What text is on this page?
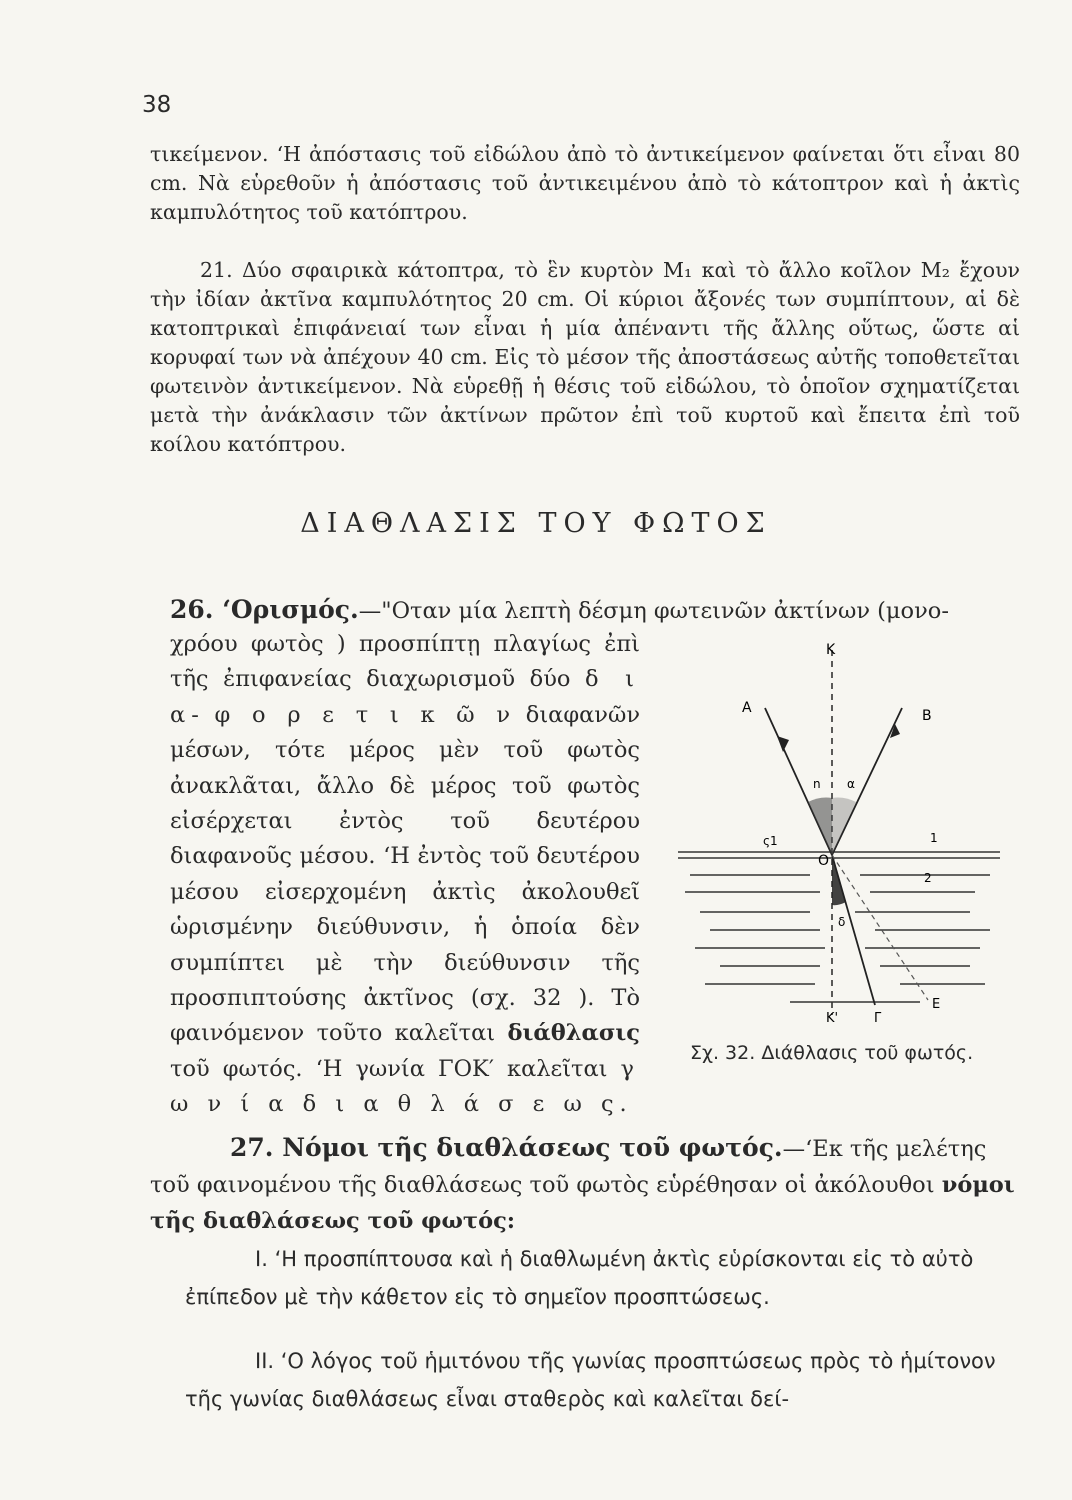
38

τικείμενον. ‘Η ἀπόστασις τοῦ εἰδώλου ἀπὸ τὸ ἀντικείμενον φαίνεται ὅτι εἶναι 80 cm. Νὰ εὑρεθοῦν ἡ ἀπόστασις τοῦ ἀντικειμένου ἀπὸ τὸ κάτοπτρον καὶ ἡ ἀκτὶς καμπυλότητος τοῦ κατόπτρου.

21. Δύο σφαιρικὰ κάτοπτρα, τὸ ἓν κυρτὸν M₁ καὶ τὸ ἄλλο κοῖλον M₂ ἔχουν τὴν ἰδίαν ἀκτῖνα καμπυλότητος 20 cm. Οἱ κύριοι ἄξονές των συμπίπτουν, αἱ δὲ κατοπτρικαὶ ἐπιφάνειαί των εἶναι ἡ μία ἀπέναντι τῆς ἄλλης οὕτως, ὥστε αἱ κορυφαί των νὰ ἀπέχουν 40 cm. Εἰς τὸ μέσον τῆς ἀποστάσεως αὐτῆς τοποθετεῖται φωτεινὸν ἀντικείμενον. Νὰ εὑρεθῇ ἡ θέσις τοῦ εἰδώλου, τὸ ὁποῖον σχηματίζεται μετὰ τὴν ἀνάκλασιν τῶν ἀκτίνων πρῶτον ἐπὶ τοῦ κυρτοῦ καὶ ἔπειτα ἐπὶ τοῦ κοίλου κατόπτρου.

ΔΙΑΘΛΑΣΙΣ ΤΟΥ ΦΩΤΟΣ
26. ‘Ορισμός.—"Οταν μία λεπτὴ δέσμη φωτεινῶν ἀκτίνων (μονο-

χρόου φωτὸς ) προσπίπτῃ πλαγίως ἐπὶ τῆς ἐπιφανείας διαχωρισμοῦ δύο δ ι α- φ ο ρ ε τ ι κ ῶ ν διαφανῶν μέσων, τότε μέρος μὲν τοῦ φωτὸς ἀνακλᾶται, ἄλλο δὲ μέρος τοῦ φωτὸς εἰσέρχεται ἐντὸς τοῦ δευτέρου διαφανοῦς μέσου. ‘Η ἐντὸς τοῦ δευτέρου μέσου εἰσερχομένη ἀκτὶς ἀκολουθεῖ ὡρισμένην διεύθυνσιν, ἡ ὁποία δὲν συμπίπτει μὲ τὴν διεύθυνσιν τῆς προσπιπτούσης ἀκτῖνος (σχ. 32 ). Τὸ φαινόμενον τοῦτο καλεῖται διάθλασις τοῦ φωτός. ‘Η γωνία ΓΟΚ′ καλεῖται γ ω ν ί α δ ι α θ λ ά σ ε ω ς.

Κ
Α	Β
n α
ς1	1
Ο
2
δ
Κ'	Γ
Ε
Σχ. 32. Διάθλασις τοῦ φωτός.

27. Νόμοι τῆς διαθλάσεως τοῦ φωτός.—‘Εκ τῆς μελέτης τοῦ φαινομένου τῆς διαθλάσεως τοῦ φωτὸς εὑρέθησαν οἱ ἀκόλουθοι νόμοι τῆς διαθλάσεως τοῦ φωτός:

Ι. ‘Η προσπίπτουσα καὶ ἡ διαθλωμένη ἀκτὶς εὑρίσκονται εἰς τὸ αὐτὸ ἐπίπεδον μὲ τὴν κάθετον εἰς τὸ σημεῖον προσπτώσεως.

ΙΙ. ‘Ο λόγος τοῦ ἡμιτόνου τῆς γωνίας προσπτώσεως πρὸς τὸ ἡμίτονον τῆς γωνίας διαθλάσεως εἶναι σταθερὸς καὶ καλεῖται δεί-
